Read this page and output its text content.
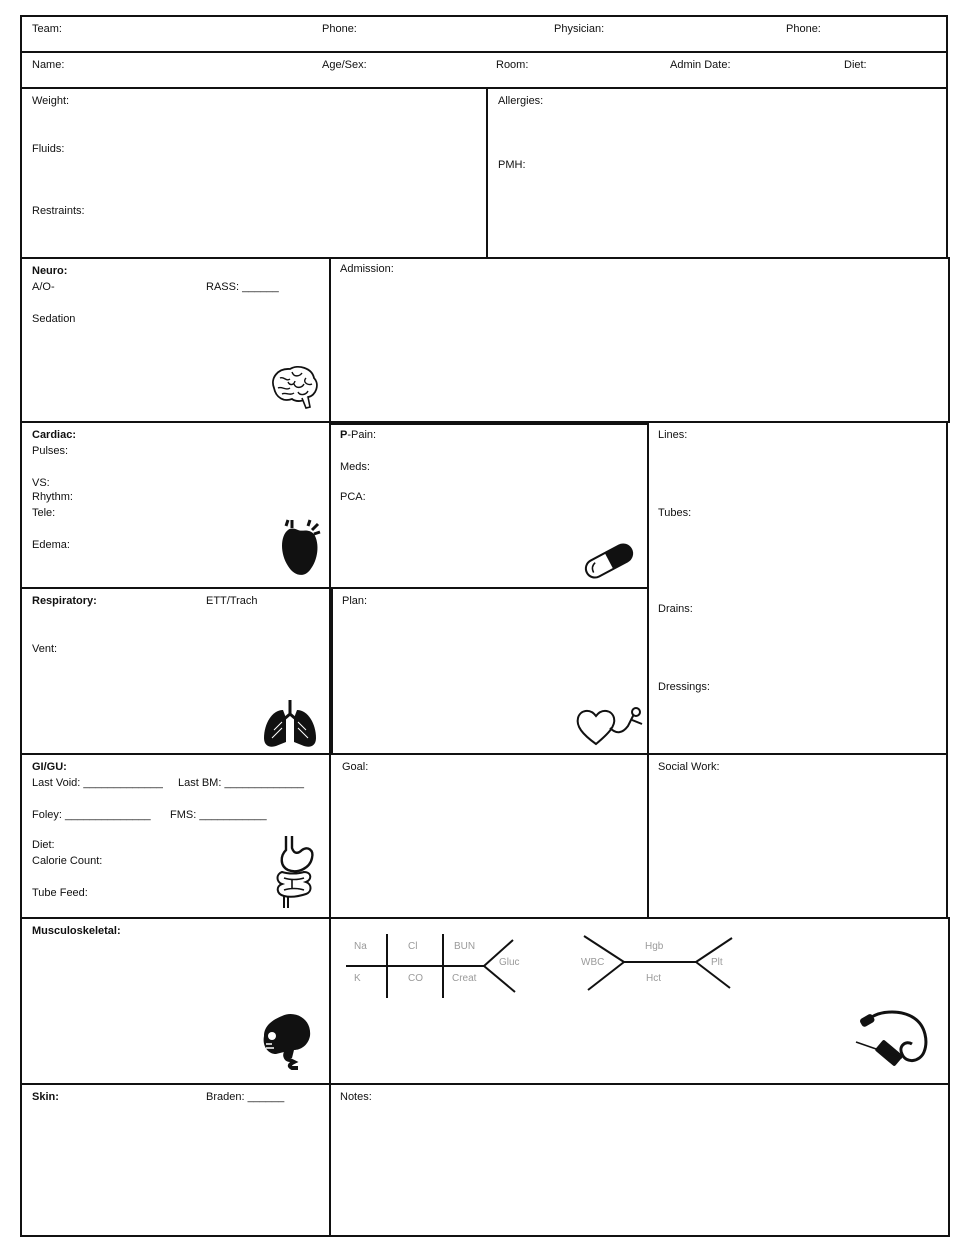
Team:	Phone:	Physician:	Phone:
Name:	Age/Sex:	Room:	Admin Date:	Diet:
Weight:
Fluids:
Restraints:
Allergies:
PMH:
Neuro:
A/O-	RASS: ______
Sedation
Admission:
Cardiac:
Pulses:
VS:
Rhythm:
Tele:
Edema:
P-Pain:
Meds:
PCA:
Lines:
Tubes:
Drains:
Dressings:
Respiratory:	ETT/Trach
Vent:
Plan:
GI/GU:
Last Void: _____________ Last BM: _____________
Foley: ______________ FMS: ___________
Diet:
Calorie Count:
Tube Feed:
Goal:	Social Work:
Musculoskeletal:
Na	Cl	BUN
K	CO	Creat
Gluc
Hgb
WBC	Plt
Hct
Skin:	Braden: ______	Notes:
